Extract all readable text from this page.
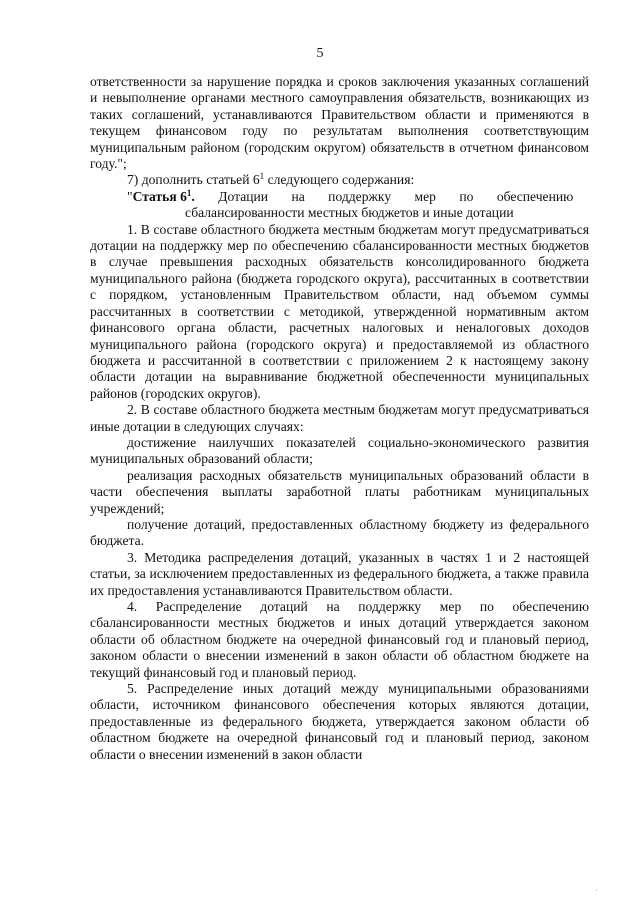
5

ответственности за нарушение порядка и сроков заключения указанных соглашений и невыполнение органами местного самоуправления обязательств, возникающих из таких соглашений, устанавливаются Правительством области и применяются в текущем финансовом году по результатам выполнения соответствующим муниципальным районом (городским округом) обязательств в отчетном финансовом году.";

7) дополнить статьей $6^1$ следующего содержания:

"Статья $6^1$. Дотации на поддержку мер по обеспечению
сбалансированности местных бюджетов и иные дотации

1. В составе областного бюджета местным бюджетам могут предусматриваться дотации на поддержку мер по обеспечению сбалансированности местных бюджетов в случае превышения расходных обязательств консолидированного бюджета муниципального района (бюджета городского округа), рассчитанных в соответствии с порядком, установленным Правительством области, над объемом суммы рассчитанных в соответствии с методикой, утвержденной нормативным актом финансового органа области, расчетных налоговых и неналоговых доходов муниципального района (городского округа) и предоставляемой из областного бюджета и рассчитанной в соответствии с приложением 2 к настоящему закону области дотации на выравнивание бюджетной обеспеченности муниципальных районов (городских округов).

2. В составе областного бюджета местным бюджетам могут предусматриваться иные дотации в следующих случаях:

достижение наилучших показателей социально-экономического развития муниципальных образований области;

реализация расходных обязательств муниципальных образований области в части обеспечения выплаты заработной платы работникам муниципальных учреждений;

получение дотаций, предоставленных областному бюджету из федерального бюджета.

3. Методика распределения дотаций, указанных в частях 1 и 2 настоящей статьи, за исключением предоставленных из федерального бюджета, а также правила их предоставления устанавливаются Правительством области.

4. Распределение дотаций на поддержку мер по обеспечению сбалансированности местных бюджетов и иных дотаций утверждается законом области об областном бюджете на очередной финансовый год и плановый период, законом области о внесении изменений в закон области об областном бюджете на текущий финансовый год и плановый период.

5. Распределение иных дотаций между муниципальными образованиями области, источником финансового обеспечения которых являются дотации, предоставленные из федерального бюджета, утверждается законом области об областном бюджете на очередной финансовый год и плановый период, законом области о внесении изменений в закон области

,
